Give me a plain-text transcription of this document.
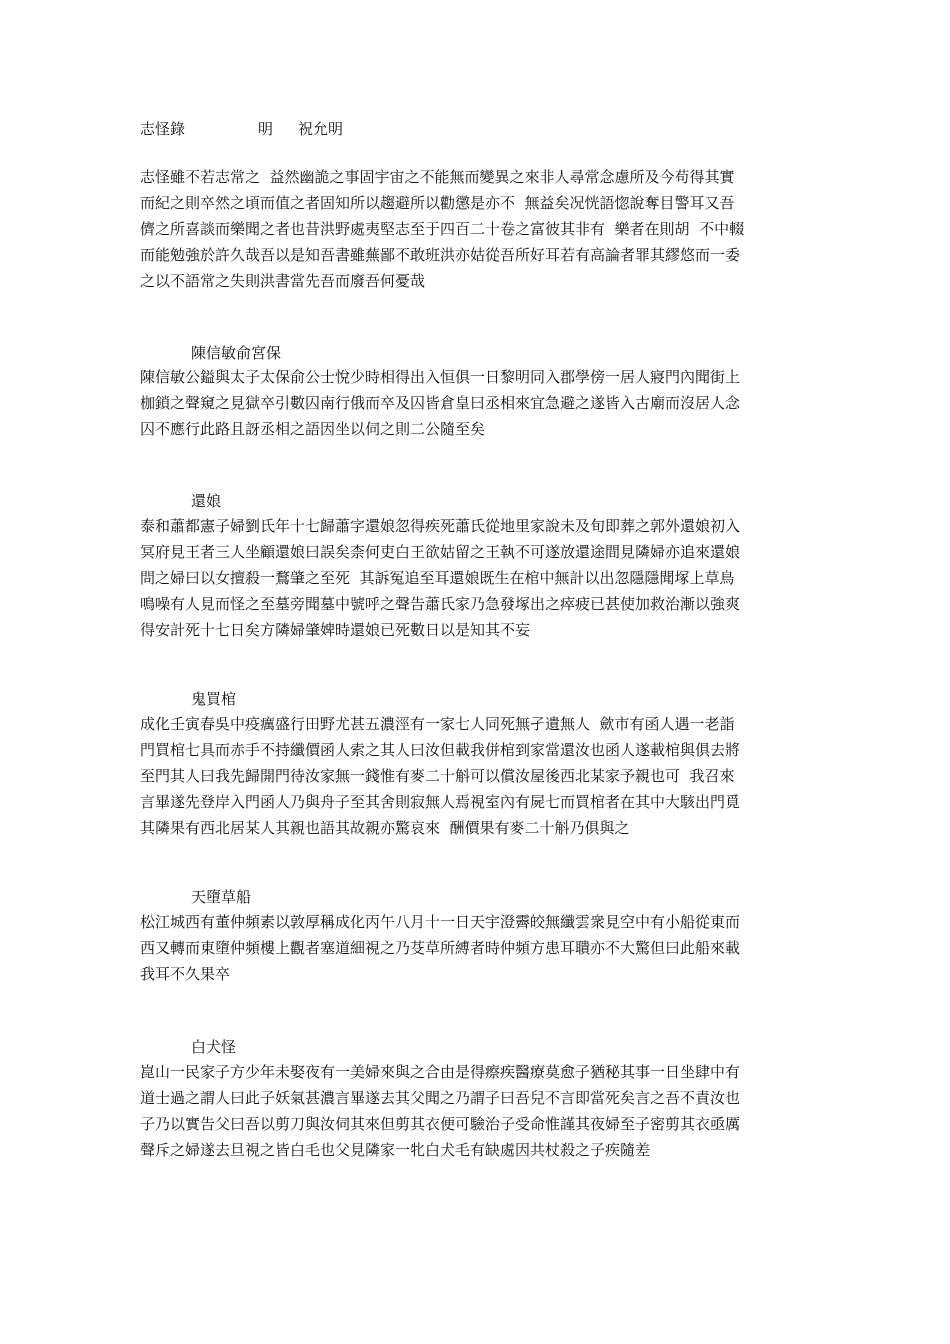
志怪錄	明 祝允明
志怪雖不若志常之  益然幽詭之事固宇宙之不能無而變異之來非人尋常念慮所及今苟得其實
而紀之則卒然之頃而值之者固知所以趨避所以勸懲是亦不  無益矣况恍語惚說奪目警耳又吾
儕之所喜談而樂聞之者也昔洪野處夷堅志至于四百二十卷之富彼其非有  樂者在則胡  不中輟
而能勉強於許久哉吾以是知吾書雖蕪鄙不敢班洪亦姑從吾所好耳若有高論者罪其繆悠而一委
之以不語常之失則洪書當先吾而廢吾何憂哉
陳信敏俞宮保
陳信敏公鎰與太子太保俞公士悅少時相得出入恒俱一日黎明同入郡學傍一居人寢門內聞街上
枷鎖之聲窺之見獄卒引數囚南行俄而卒及囚皆倉皇曰丞相來宜急避之遂皆入古廟而沒居人念
囚不應行此路且訝丞相之語因坐以伺之則二公隨至矣
還娘
泰和蕭都憲子婦劉氏年十七歸蕭字還娘忽得疾死蕭氏從地里家說未及旬即葬之郭外還娘初入
冥府見王者三人坐顧還娘曰誤矣柰何吏白王欲姑留之王執不可遂放還途間見隣婦亦追來還娘
問之婦曰以女擅殺一鶩肇之至死  其訴冤追至耳還娘既生在棺中無計以出忽隱隱聞塚上草鳥
鳴噪有人見而怪之至墓旁聞墓中號呼之聲告蕭氏家乃急發塚出之瘁疲已甚使加救治漸以強爽
得安計死十七日矣方隣婦肇婢時還娘已死數日以是知其不妄
鬼買棺
成化壬寅春吳中疫癘盛行田野尤甚五濃涇有一家七人同死無孑遺無人  歛市有函人遇一老詣
門買棺七具而赤手不持纖價函人索之其人曰汝但載我併棺到家當還汝也函人遂載棺與俱去將
至門其人曰我先歸開門待汝家無一錢惟有麥二十斛可以償汝屋後西北某家予親也可  我召來
言畢遂先登岸入門函人乃與舟子至其舍則寂無人焉視室內有屍七而買棺者在其中大駭出門覓
其隣果有西北居某人其親也語其故親亦驚哀來  酬價果有麥二十斛乃俱與之
天墮草船
松江城西有董仲頻素以敦厚稱成化丙午八月十一日天宇澄霽皎無纖雲衆見空中有小船從東而
西又轉而東墮仲頻樓上觀者塞道細視之乃芟草所縛者時仲頻方患耳聵亦不大驚但曰此船來載
我耳不久果卒
白犬怪
崑山一民家子方少年未娶夜有一美婦來與之合由是得瘵疾醫療莫愈子猶秘其事一日坐肆中有
道士過之謂人曰此子妖氣甚濃言畢遂去其父聞之乃謂子曰吾兒不言即當死矣言之吾不責汝也
子乃以實告父曰吾以剪刀與汝伺其來但剪其衣便可驗治子受命惟謹其夜婦至子密剪其衣亟厲
聲斥之婦遂去旦視之皆白毛也父見隣家一牝白犬毛有缺處因共杖殺之子疾隨差
